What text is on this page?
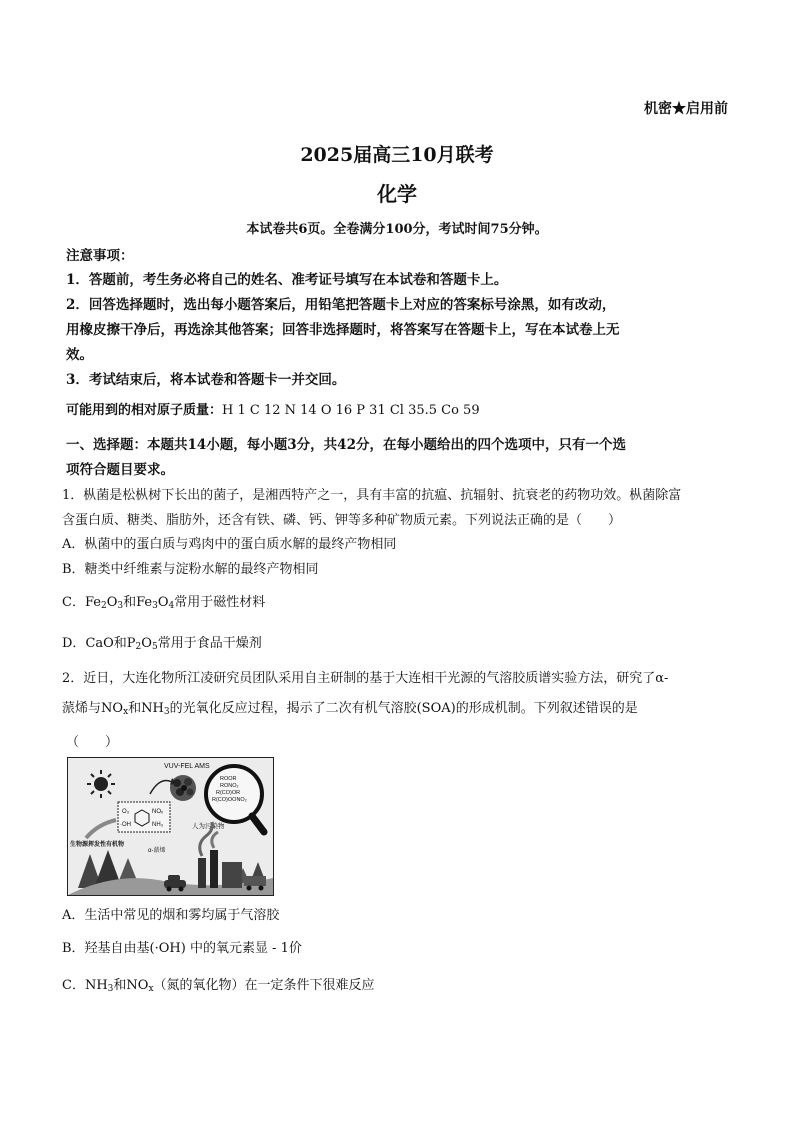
机密★启用前
2025届高三10月联考
化学
本试卷共6页。全卷满分100分，考试时间75分钟。
注意事项：
1．答题前，考生务必将自己的姓名、准考证号填写在本试卷和答题卡上。
2．回答选择题时，选出每小题答案后，用铅笔把答题卡上对应的答案标号涂黑，如有改动，
用橡皮擦干净后，再选涂其他答案；回答非选择题时，将答案写在答题卡上，写在本试卷上无
效。
3．考试结束后，将本试卷和答题卡一并交回。
可能用到的相对原子质量：H 1 C 12 N 14 O 16 P 31 Cl 35.5 Co 59
一、选择题：本题共14小题，每小题3分，共42分，在每小题给出的四个选项中，只有一个选
项符合题目要求。
1．枞菌是松枞树下长出的菌子，是湘西特产之一，具有丰富的抗瘟、抗辐射、抗衰老的药物功效。枞菌除富
含蛋白质、糖类、脂肪外，还含有铁、磷、钙、钾等多种矿物质元素。下列说法正确的是（　　）
A．枞菌中的蛋白质与鸡肉中的蛋白质水解的最终产物相同
B．糖类中纤维素与淀粉水解的最终产物相同
C．$Fe_2O_3$和$Fe_3O_4$常用于磁性材料
D．CaO和$P_2O_5$常用于食品干燥剂
2．近日，大连化物所江凌研究员团队采用自主研制的基于大连相干光源的气溶胶质谱实验方法，研究了α-
蒎烯与$NO_x$和$NH_3$的光氧化反应过程，揭示了二次有机气溶胶(SOA)的形成机制。下列叙述错误的是
（　　）
VUV-FEL AMS
ROOR
RONO₂
R(CO)OR
R(CO)OONO₂
O₃
·OH
NOₓ
NH₃
生物源挥发性有机物
α-蒎烯
人为污染物
A．生活中常见的烟和雾均属于气溶胶
B．羟基自由基(·OH) 中的氧元素显 - 1价
C．$NH_3$和$NO_x$（氮的氧化物）在一定条件下很难反应
